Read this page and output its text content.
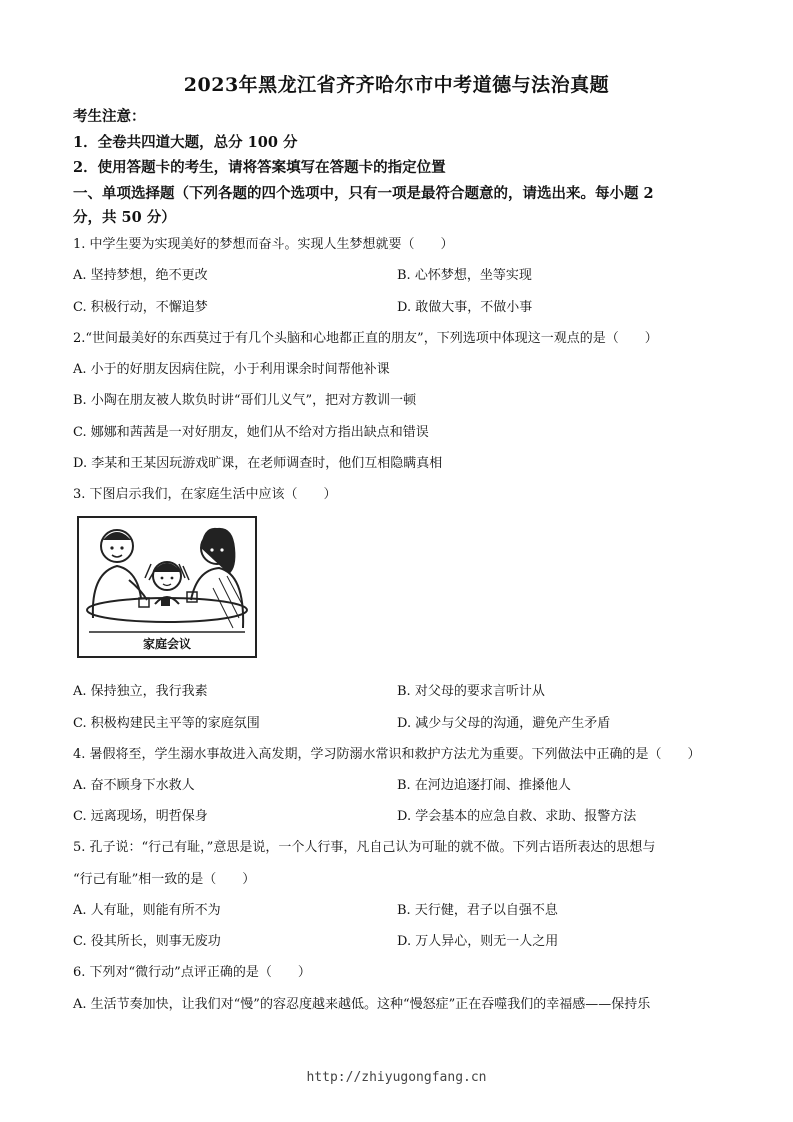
2023年黑龙江省齐齐哈尔市中考道德与法治真题
考生注意：
1．全卷共四道大题，总分 100 分
2．使用答题卡的考生，请将答案填写在答题卡的指定位置
一、单项选择题（下列各题的四个选项中，只有一项是最符合题意的，请选出来。每小题 2
分，共 50 分）
1. 中学生要为实现美好的梦想而奋斗。实现人生梦想就要（　　）
A. 坚持梦想，绝不更改	B. 心怀梦想，坐等实现
C. 积极行动，不懈追梦	D. 敢做大事，不做小事
2.“世间最美好的东西莫过于有几个头脑和心地都正直的朋友”，下列选项中体现这一观点的是（　　）
A. 小于的好朋友因病住院，小于利用课余时间帮他补课
B. 小陶在朋友被人欺负时讲“哥们儿义气”，把对方教训一顿
C. 娜娜和茜茜是一对好朋友，她们从不给对方指出缺点和错误
D. 李某和王某因玩游戏旷课，在老师调查时，他们互相隐瞒真相
3. 下图启示我们，在家庭生活中应该（　　）
家庭会议
A. 保持独立，我行我素	B. 对父母的要求言听计从
C. 积极构建民主平等的家庭氛围	D. 减少与父母的沟通，避免产生矛盾
4. 暑假将至，学生溺水事故进入高发期，学习防溺水常识和救护方法尤为重要。下列做法中正确的是（　　）
A. 奋不顾身下水救人	B. 在河边追逐打闹、推搡他人
C. 远离现场，明哲保身	D. 学会基本的应急自救、求助、报警方法
5. 孔子说：“行己有耻，”意思是说，一个人行事，凡自己认为可耻的就不做。下列古语所表达的思想与
“行己有耻”相一致的是（　　）
A. 人有耻，则能有所不为	B. 天行健，君子以自强不息
C. 役其所长，则事无废功	D. 万人异心，则无一人之用
6. 下列对“微行动”点评正确的是（　　）
A. 生活节奏加快，让我们对“慢”的容忍度越来越低。这种“慢怒症”正在吞噬我们的幸福感——保持乐
http://zhiyugongfang.cn
